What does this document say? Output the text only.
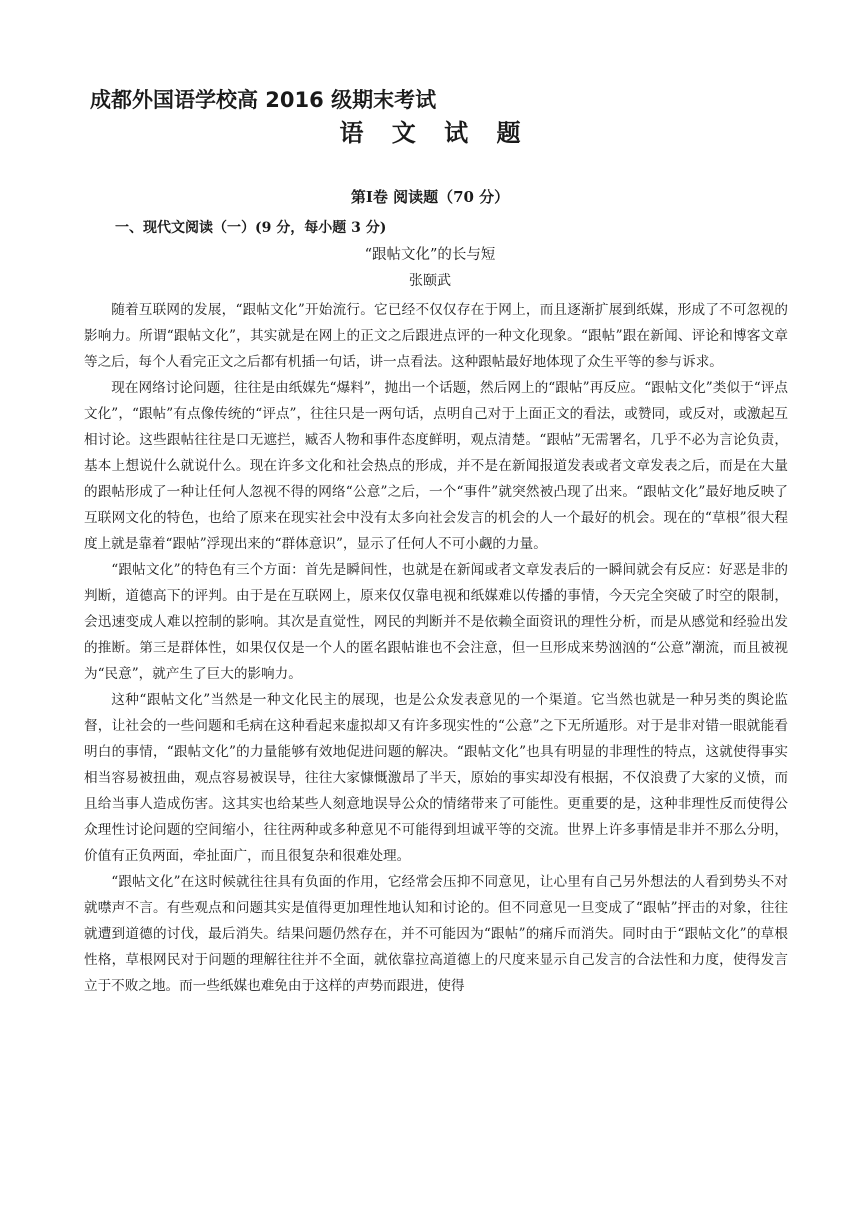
成都外国语学校高 2016 级期末考试
语 文 试 题
第Ⅰ卷 阅读题（70 分）
一、现代文阅读（一）(9 分，每小题 3 分)
“跟帖文化”的长与短
张颐武

随着互联网的发展，“跟帖文化”开始流行。它已经不仅仅存在于网上，而且逐渐扩展到纸媒，形成了不可忽视的影响力。所谓“跟帖文化”，其实就是在网上的正文之后跟进点评的一种文化现象。“跟帖”跟在新闻、评论和博客文章等之后，每个人看完正文之后都有机插一句话，讲一点看法。这种跟帖最好地体现了众生平等的参与诉求。

现在网络讨论问题，往往是由纸媒先“爆料”，抛出一个话题，然后网上的“跟帖”再反应。“跟帖文化”类似于“评点文化”，“跟帖”有点像传统的“评点”，往往只是一两句话，点明自己对于上面正文的看法，或赞同，或反对，或激起互相讨论。这些跟帖往往是口无遮拦，臧否人物和事件态度鲜明，观点清楚。“跟帖”无需署名，几乎不必为言论负责，基本上想说什么就说什么。现在许多文化和社会热点的形成，并不是在新闻报道发表或者文章发表之后，而是在大量的跟帖形成了一种让任何人忽视不得的网络“公意”之后，一个“事件”就突然被凸现了出来。“跟帖文化”最好地反映了互联网文化的特色，也给了原来在现实社会中没有太多向社会发言的机会的人一个最好的机会。现在的“草根”很大程度上就是靠着“跟帖”浮现出来的“群体意识”，显示了任何人不可小觑的力量。

“跟帖文化”的特色有三个方面：首先是瞬间性，也就是在新闻或者文章发表后的一瞬间就会有反应：好恶是非的判断，道德高下的评判。由于是在互联网上，原来仅仅靠电视和纸媒难以传播的事情，今天完全突破了时空的限制，会迅速变成人难以控制的影响。其次是直觉性，网民的判断并不是依赖全面资讯的理性分析，而是从感觉和经验出发的推断。第三是群体性，如果仅仅是一个人的匿名跟帖谁也不会注意，但一旦形成来势汹汹的“公意”潮流，而且被视为“民意”，就产生了巨大的影响力。

这种“跟帖文化”当然是一种文化民主的展现，也是公众发表意见的一个渠道。它当然也就是一种另类的舆论监督，让社会的一些问题和毛病在这种看起来虚拟却又有许多现实性的“公意”之下无所遁形。对于是非对错一眼就能看明白的事情，“跟帖文化”的力量能够有效地促进问题的解决。“跟帖文化”也具有明显的非理性的特点，这就使得事实相当容易被扭曲，观点容易被误导，往往大家慷慨激昂了半天，原始的事实却没有根据，不仅浪费了大家的义愤，而且给当事人造成伤害。这其实也给某些人刻意地误导公众的情绪带来了可能性。更重要的是，这种非理性反而使得公众理性讨论问题的空间缩小，往往两种或多种意见不可能得到坦诚平等的交流。世界上许多事情是非并不那么分明，价值有正负两面，牵扯面广，而且很复杂和很难处理。

“跟帖文化”在这时候就往往具有负面的作用，它经常会压抑不同意见，让心里有自己另外想法的人看到势头不对就噤声不言。有些观点和问题其实是值得更加理性地认知和讨论的。但不同意见一旦变成了“跟帖”抨击的对象，往往就遭到道德的讨伐，最后消失。结果问题仍然存在，并不可能因为“跟帖”的痛斥而消失。同时由于“跟帖文化”的草根性格，草根网民对于问题的理解往往并不全面，就依靠拉高道德上的尺度来显示自己发言的合法性和力度，使得发言立于不败之地。而一些纸媒也难免由于这样的声势而跟进，使得
